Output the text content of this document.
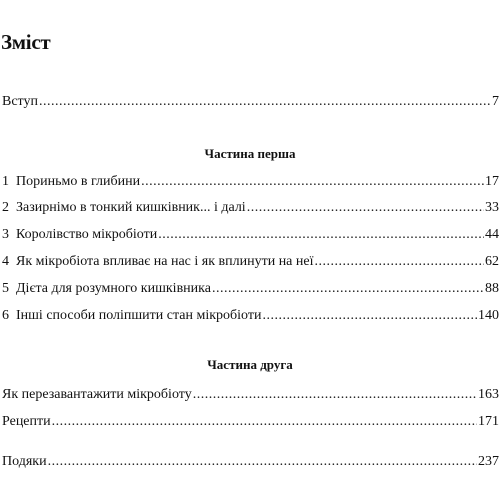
Зміст
Вступ .....	7
Частина перша
1 Пориньмо в глибини .....	17
2 Зазирнімо в тонкий кишківник... і далі .....	33
3 Королівство мікробіоти .....	44
4 Як мікробіота впливає на нас і як вплинути на неї .....	62
5 Дієта для розумного кишківника .....	88
6 Інші способи поліпшити стан мікробіоти .....	140
Частина друга
Як перезавантажити мікробіоту .....	163
Рецепти .....	171
Подяки .....	237
